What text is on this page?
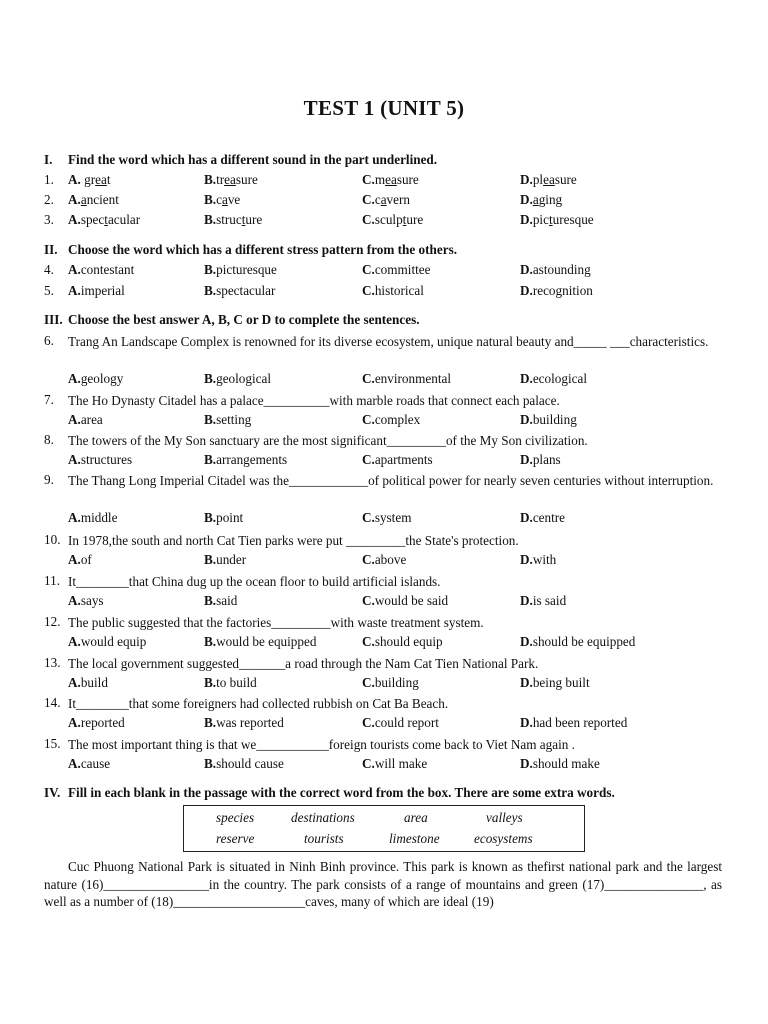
TEST 1 (UNIT 5)
I. Find the word which has a different sound in the part underlined.
1. A. great	B.treasure	C.measure	D.pleasure
2. A.ancient	B.cave	C.cavern	D.aging
3. A.spectacular	B.structure	C.sculpture	D.picturesque
II. Choose the word which has a different stress pattern from the others.
4. A.contestant	B.picturesque	C.committee	D.astounding
5. A.imperial	B.spectacular	C.historical	D.recognition
III. Choose the best answer A, B, C or D to complete the sentences.
6. Trang An Landscape Complex is renowned for its diverse ecosystem, unique natural beauty and_____ ___characteristics.
A.geology	B.geological	C.environmental	D.ecological
7. The Ho Dynasty Citadel has a palace__________with marble roads that connect each palace.
A.area	B.setting	C.complex	D.building
8. The towers of the My Son sanctuary are the most significant_________of the My Son civilization.
A.structures	B.arrangements	C.apartments	D.plans
9. The Thang Long Imperial Citadel was the____________of political power for nearly seven centuries without interruption.
A.middle	B.point	C.system	D.centre
10. In 1978,the south and north Cat Tien parks were put _________the State's protection.
A.of	B.under	C.above	D.with
11. It________that China dug up the ocean floor to build artificial islands.
A.says	B.said	C.would be said	D.is said
12. The public suggested that the factories_________with waste treatment system.
A.would equip	B.would be equipped	C.should equip	D.should be equipped
13. The local government suggested_______a road through the Nam Cat Tien National Park.
A.build	B.to build	C.building	D.being built
14. It________that some foreigners had collected rubbish on Cat Ba Beach.
A.reported	B.was reported	C.could report	D.had been reported
15. The most important thing is that we___________foreign tourists come back to Viet Nam again .
A.cause	B.should cause	C.will make	D.should make
IV. Fill in each blank in the passage with the correct word from the box. There are some extra words.
species	destinations	area	valleys
reserve	tourists	limestone	ecosystems
Cuc Phuong National Park is situated in Ninh Binh province. This park is known as thefirst national park and the largest nature (16)________________in the country. The park consists of a range of mountains and green (17)_______________, as well as a number of (18)____________________caves, many of which are ideal (19)
